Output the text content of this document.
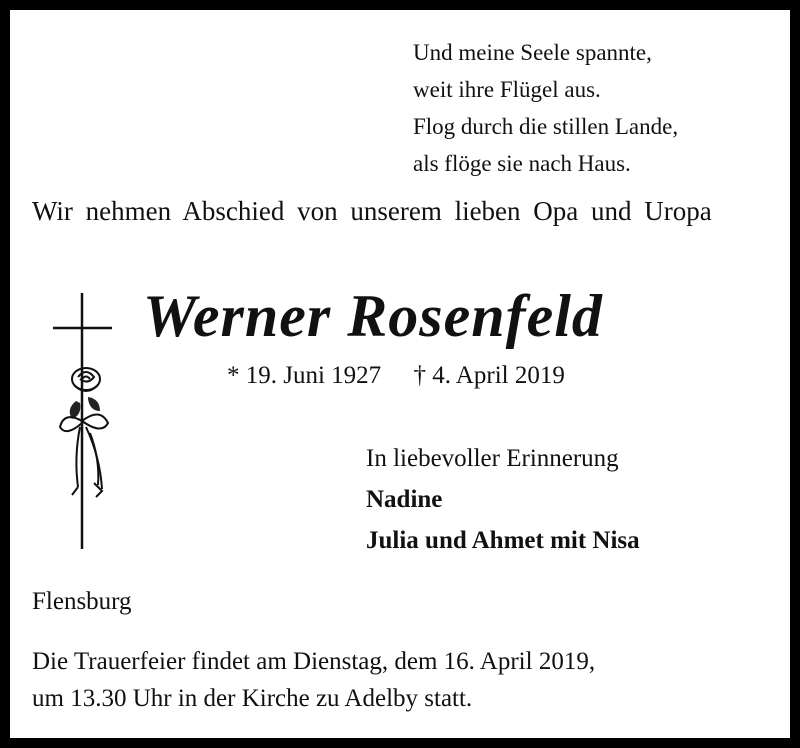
Und meine Seele spannte,
weit ihre Flügel aus.
Flog durch die stillen Lande,
als flöge sie nach Haus.
Wir nehmen Abschied von unserem lieben Opa und Uropa
Werner Rosenfeld
* 19. Juni 1927 † 4. April 2019
In liebevoller Erinnerung
Nadine
Julia und Ahmet mit Nisa
Flensburg
Die Trauerfeier findet am Dienstag, dem 16. April 2019,
um 13.30 Uhr in der Kirche zu Adelby statt.
